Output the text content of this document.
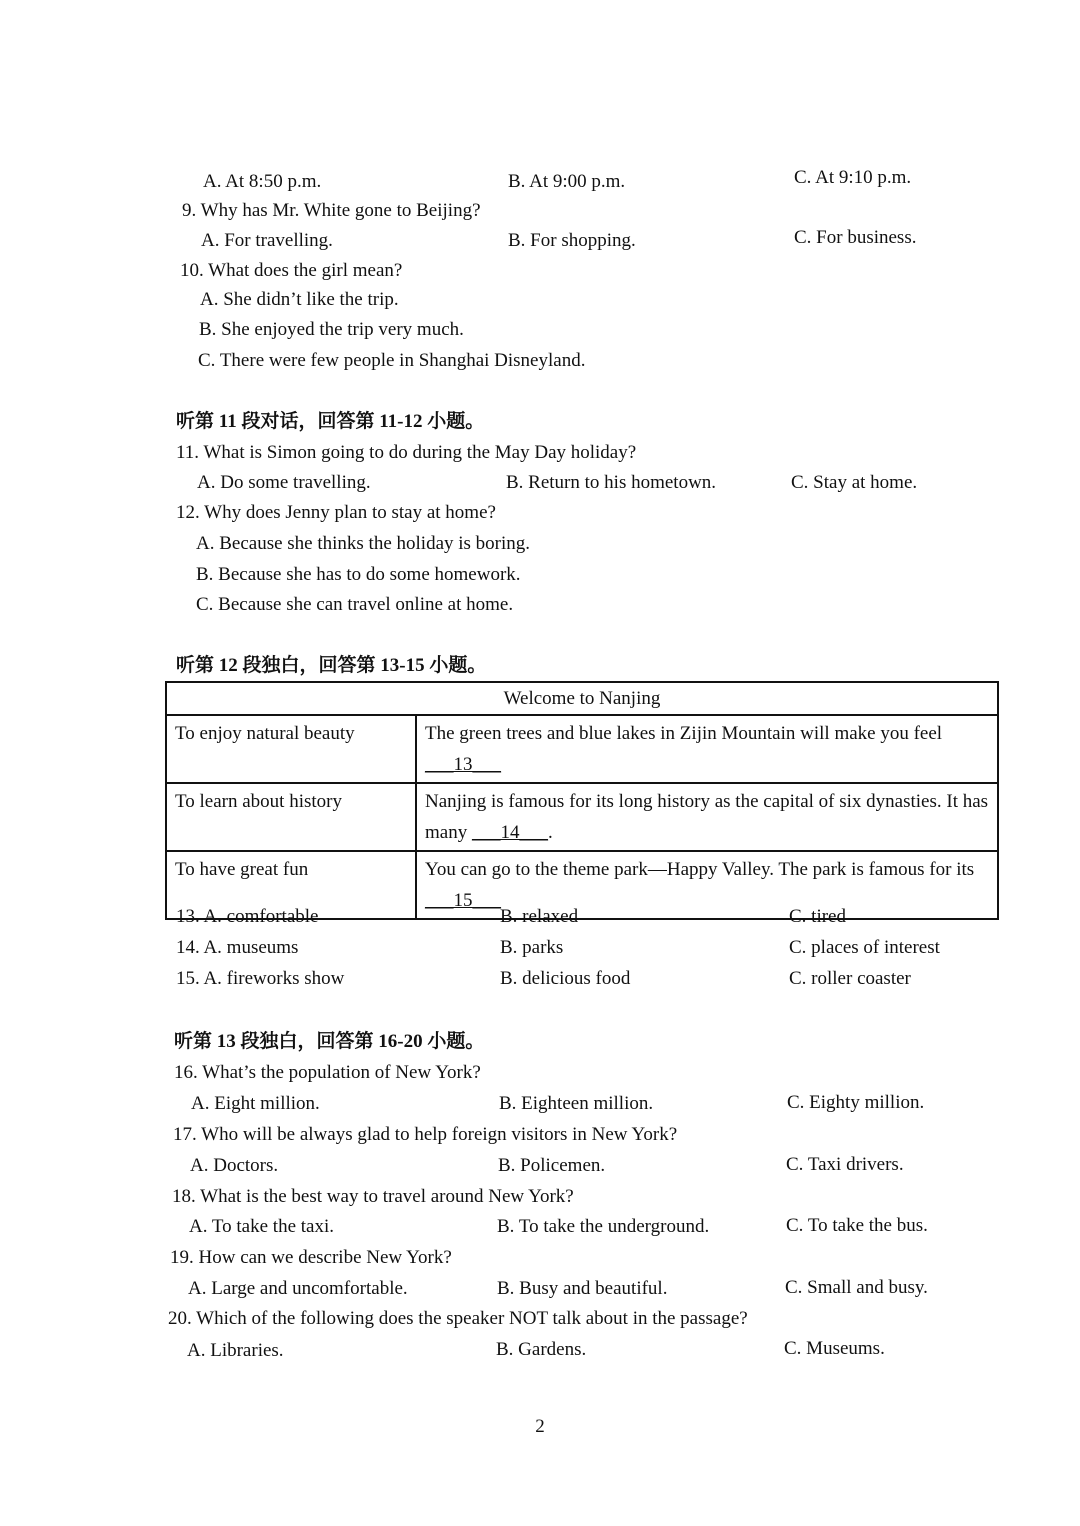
A. At 8:50 p.m.	B. At 9:00 p.m.	C. At 9:10 p.m.
9. Why has Mr. White gone to Beijing?
A. For travelling.	B. For shopping.	C. For business.
10. What does the girl mean?
A. She didn’t like the trip.
B. She enjoyed the trip very much.
C. There were few people in Shanghai Disneyland.
听第 11 段对话，回答第 11-12 小题。
11. What is Simon going to do during the May Day holiday?
A. Do some travelling.	B. Return to his hometown.	C. Stay at home.
12. Why does Jenny plan to stay at home?
A. Because she thinks the holiday is boring.
B. Because she has to do some homework.
C. Because she can travel online at home.
听第 12 段独白，回答第 13-15 小题。
Welcome to Nanjing	
To enjoy natural beauty	The green trees and blue lakes in Zijin Mountain will make you feel
___13___
To learn about history	Nanjing is famous for its long history as the capital of six dynasties. It has many ___14___.
To have great fun	You can go to the theme park—Happy Valley. The park is famous for its ___15___
13. A. comfortable	B. relaxed	C. tired
14. A. museums	B. parks	C. places of interest
15. A. fireworks show	B. delicious food	C. roller coaster
听第 13 段独白，回答第 16-20 小题。
16. What’s the population of New York?
A. Eight million.	B. Eighteen million.	C. Eighty million.
17. Who will be always glad to help foreign visitors in New York?
A. Doctors.	B. Policemen.	C. Taxi drivers.
18. What is the best way to travel around New York?
A. To take the taxi.	B. To take the underground.	C. To take the bus.
19. How can we describe New York?
A. Large and uncomfortable.	B. Busy and beautiful.	C. Small and busy.
20. Which of the following does the speaker NOT talk about in the passage?
A. Libraries.	B. Gardens.	C. Museums.
2
